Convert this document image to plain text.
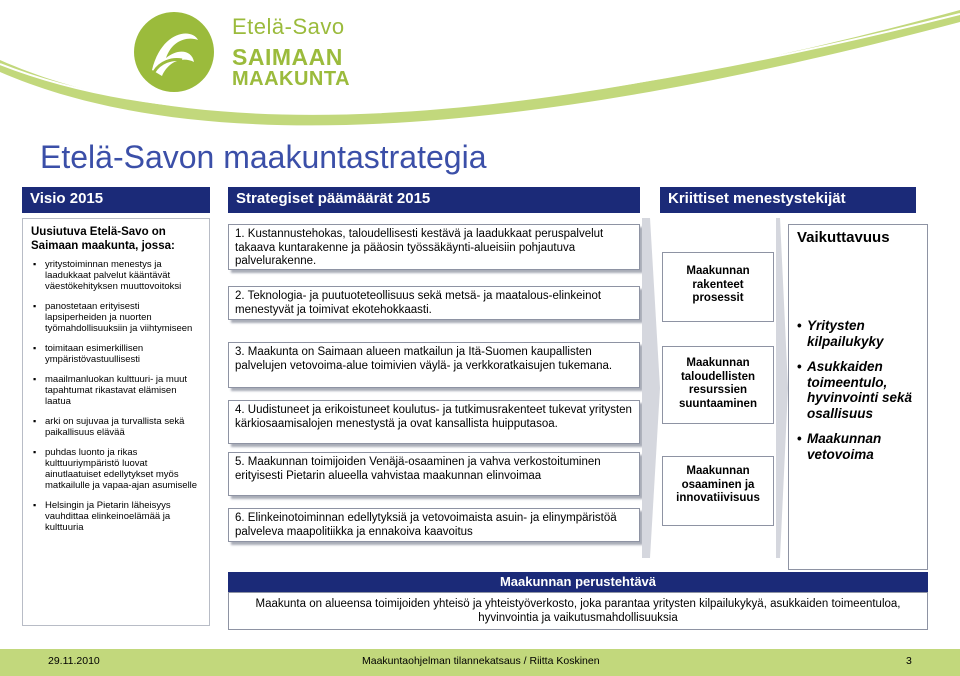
Etelä-Savo
SAIMAAN
MAAKUNTA
Etelä-Savon maakuntastrategia
Visio 2015
Uusiutuva Etelä-Savo on Saimaan maakunta, jossa:
▪ yritystoiminnan menestys ja laadukkaat palvelut kääntävät väestökehityksen muuttovoitoksi
▪ panostetaan erityisesti lapsiperheiden ja nuorten työmahdollisuuksiin ja viihtymiseen
▪ toimitaan esimerkillisen ympäristövastuullisesti
▪ maailmanluokan kulttuuri- ja muut tapahtumat rikastavat elämisen laatua
▪ arki on sujuvaa ja turvallista sekä paikallisuus elävää
▪ puhdas luonto ja rikas kulttuuriympäristö luovat ainutlaatuiset edellytykset myös matkailulle ja vapaa-ajan asumiselle
▪ Helsingin ja Pietarin läheisyys vauhdittaa elinkeinoelämää ja kulttuuria
Strategiset päämäärät 2015
1. Kustannustehokas, taloudellisesti kestävä ja laadukkaat peruspalvelut takaava kuntarakenne ja pääosin työssäkäynti-alueisiin pohjautuva palvelurakenne.
2. Teknologia- ja puutuoteteollisuus sekä metsä- ja maatalous-elinkeinot menestyvät ja toimivat ekotehokkaasti.
3. Maakunta on Saimaan alueen matkailun ja Itä-Suomen kaupallisten palvelujen vetovoima-alue toimivien väylä- ja verkkoratkaisujen tukemana.
4. Uudistuneet ja erikoistuneet koulutus- ja tutkimusrakenteet tukevat yritysten kärkiosaamisalojen menestystä ja ovat kansallista huipputasoa.
5. Maakunnan toimijoiden Venäjä-osaaminen ja vahva verkostoituminen erityisesti Pietarin alueella vahvistaa maakunnan elinvoimaa
6. Elinkeinotoiminnan edellytyksiä ja vetovoimaista asuin- ja elinympäristöä palveleva maapolitiikka ja ennakoiva kaavoitus
Kriittiset menestystekijät
Maakunnan rakenteet prosessit
Maakunnan taloudellisten resurssien suuntaaminen
Maakunnan osaaminen ja innovatiivisuus
Vaikuttavuus
• Yritysten kilpailukyky
• Asukkaiden toimeentulo, hyvinvointi sekä osallisuus
• Maakunnan vetovoima
Maakunnan perustehtävä
Maakunta on alueensa toimijoiden yhteisö ja yhteistyöverkosto, joka parantaa yritysten kilpailukykyä, asukkaiden toimeentuloa, hyvinvointia ja vaikutusmahdollisuuksia
29.11.2010	Maakuntaohjelman tilannekatsaus / Riitta Koskinen	3
